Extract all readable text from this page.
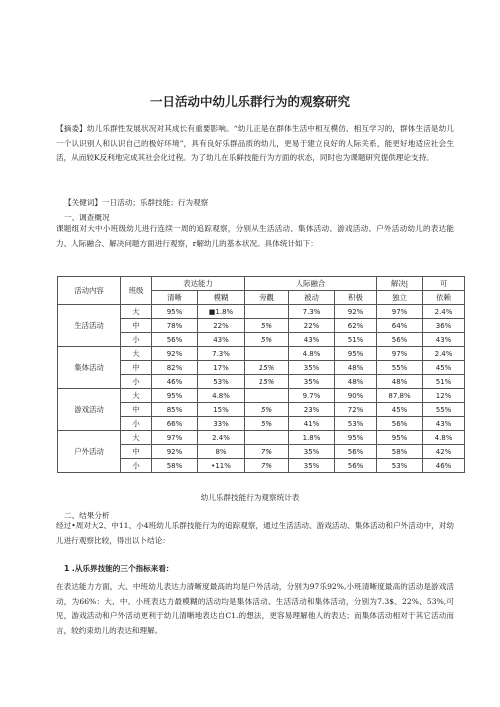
一日活动中幼儿乐群行为的观察研究

【摘委】幼儿乐群性发展状况对其成长有重要影响。“幼儿正是在群体生活中相互模仿、相互学习的，群体生活是幼儿一个认识别人和认识自己的极好环境”，具有良好乐群品质的幼儿，更易于建立良好的人际关系，能更好地适应社会生活，从而较K反利地完成其社会化过程。为了幼儿在乐鲜技能行为方面的状态，同时也为课题研究提供理论支持。

【关健词】一日活动；乐群技能；行为观察
一、调查概况

课题组对大中小班级幼儿进行连续一周的追踪观察，分别从生活活动、集体活动、游戏活动、户外活动幼儿的表达能力、人际融合、解决问题方面进行观察，r解幼儿的基本状况。具体统计如下：

活动内容	班级	表达能力		人际融合			解决|	可
		清晰	模糊	旁觀	被动	积极	独立	依赖
生活活动	大	95%	■1.8%		7.3%	92%	97%	2.4%
	中	78%	22%	5%	22%	62%	64%	36%
	小	56%	43%	5%	43%	51%	56%	43%
集体活动	大	92%	7.3%		4.8%	95%	97%	2.4%
	中	82%	17%	15%	35%	48%	55%	45%
	小	46%	53%	15%	35%	48%	48%	51%
游戏活动	大	95%	4.8%		9.7%	90%	87.8%	12%
	中	85%	15%	5%	23%	72%	45%	55%
	小	66%	33%	5%	41%	53%	56%	43%
户外活动	大	97%	2.4%		1.8%	95%	95%	4.8%
	中	92%	8%	7%	35%	56%	58%	42%
	小	58%	•11%	7%	35%	56%	53%	46%
幼儿乐群技能行为观察统计表
二、结果分析

经过•周对大2、中11、小4班幼儿乐群技能行为的追踪观察，通过生活活动、游戏活动、集体活动和户外活动中，对幼儿进行观察比较，得出以卜结论：

1 .从乐界技能的三个指标来看：

在表达能力方面，大、中班幼儿表达力清晰度最高的均是户外活动，分别为97乐92%,小班清晰度最高的活动是游戏活动，为66%：大、中、小班表达力最模糊的活动均是集体活动、生活活动和集体活动，分别为7.3$、22%、53%,可见，游戏活动和户外活动更利于幼儿清晰地表达自C1.的想法，更容易理解他人的表达；而集体活动相对于其它活动而言，较约束幼儿的表达和理解。
